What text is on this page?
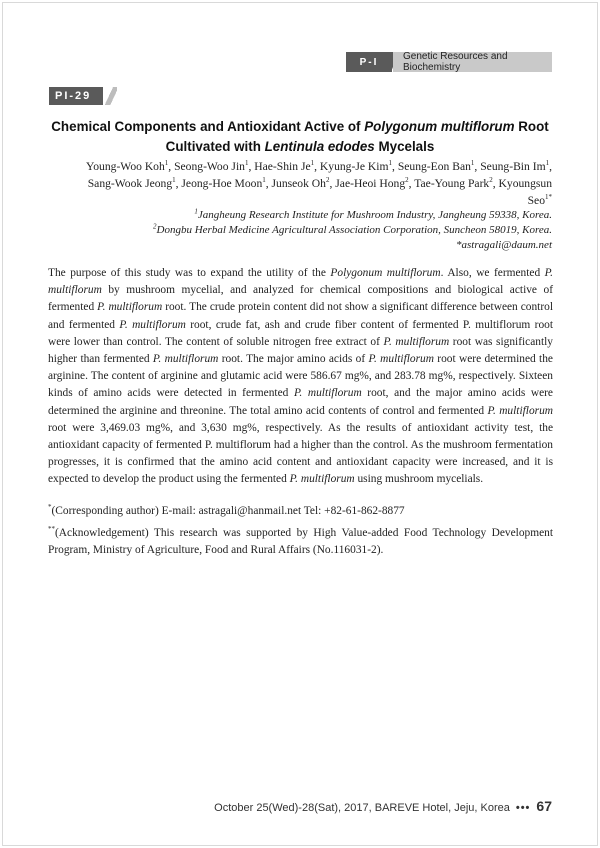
P-I	Genetic Resources and Biochemistry
PI-29
Chemical Components and Antioxidant Active of Polygonum multiflorum Root
Cultivated with Lentinula edodes Mycelals
Young-Woo Koh$^1$, Seong-Woo Jin$^1$, Hae-Shin Je$^1$, Kyung-Je Kim$^1$, Seung-Eon Ban$^1$, Seung-Bin Im$^1$, Sang-Wook Jeong$^1$, Jeong-Hoe Moon$^1$, Junseok Oh$^2$, Jae-Heoi Hong$^2$, Tae-Young Park$^2$, Kyoungsun Seo$^{1*}$
$^1$Jangheung Research Institute for Mushroom Industry, Jangheung 59338, Korea.
$^2$Dongbu Herbal Medicine Agricultural Association Corporation, Suncheon 58019, Korea.
*astragali@daum.net
The purpose of this study was to expand the utility of the Polygonum multiflorum. Also, we fermented P. multiflorum by mushroom mycelial, and analyzed for chemical compositions and biological active of fermented P. multiflorum root. The crude protein content did not show a significant difference between control and fermented P. multiflorum root, crude fat, ash and crude fiber content of fermented P. multiflorum root were lower than control. The content of soluble nitrogen free extract of P. multiflorum root was significantly higher than fermented P. multiflorum root. The major amino acids of P. multiflorum root were determined the arginine. The content of arginine and glutamic acid were 586.67 mg%, and 283.78 mg%, respectively. Sixteen kinds of amino acids were detected in fermented P. multiflorum root, and the major amino acids were determined the arginine and threonine. The total amino acid contents of control and fermented P. multiflorum root were 3,469.03 mg%, and 3,630 mg%, respectively. As the results of antioxidant activity test, the antioxidant capacity of fermented P. multiflorum had a higher than the control. As the mushroom fermentation progresses, it is confirmed that the amino acid content and antioxidant capacity were increased, and it is expected to develop the product using the fermented P. multiflorum using mushroom mycelials.

*(Corresponding author) E-mail: astragali@hanmail.net Tel: +82-61-862-8877

**(Acknowledgement) This research was supported by High Value-added Food Technology Development Program, Ministry of Agriculture, Food and Rural Affairs (No.116031-2).

October 25(Wed)-28(Sat), 2017, BAREVE Hotel, Jeju, Korea ••• 67
